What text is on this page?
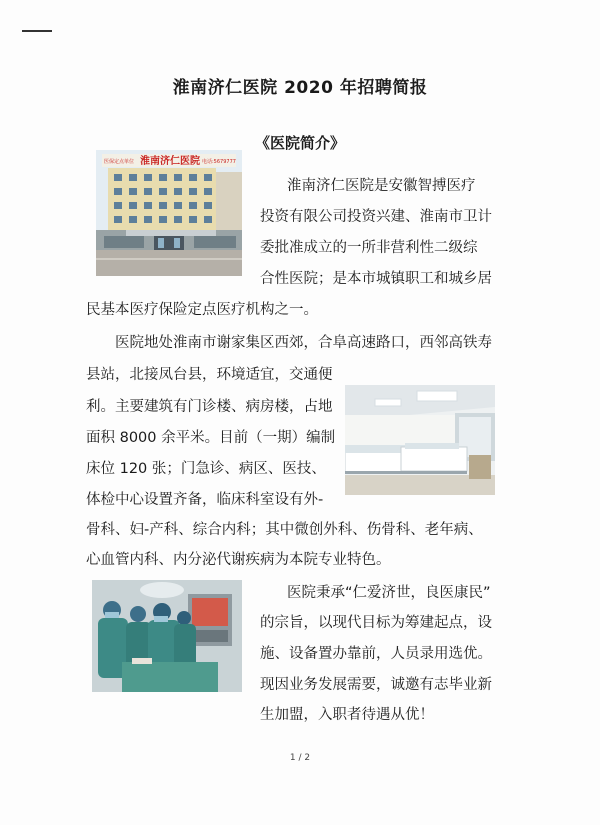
淮南济仁医院 2020 年招聘简报
《医院简介》
医保定点单位 淮南济仁医院 电话:5679777
淮南济仁医院是安徽智搏医疗
投资有限公司投资兴建、淮南市卫计
委批准成立的一所非营利性二级综
合性医院；是本市城镇职工和城乡居
民基本医疗保险定点医疗机构之一。
医院地处淮南市谢家集区西郊，合阜高速路口，西邻高铁寿
县站，北接凤台县，环境适宜，交通便
利。主要建筑有门诊楼、病房楼，占地
面积 8000 余平米。目前（一期）编制
床位 120 张；门急诊、病区、医技、
体检中心设置齐备，临床科室设有外-
骨科、妇-产科、综合内科；其中微创外科、伤骨科、老年病、
心血管内科、内分泌代谢疾病为本院专业特色。
医院秉承“仁爱济世，良医康民”
的宗旨，以现代目标为筹建起点，设
施、设备置办靠前，人员录用选优。
现因业务发展需要，诚邀有志毕业新
生加盟，入职者待遇从优！
1 / 2
